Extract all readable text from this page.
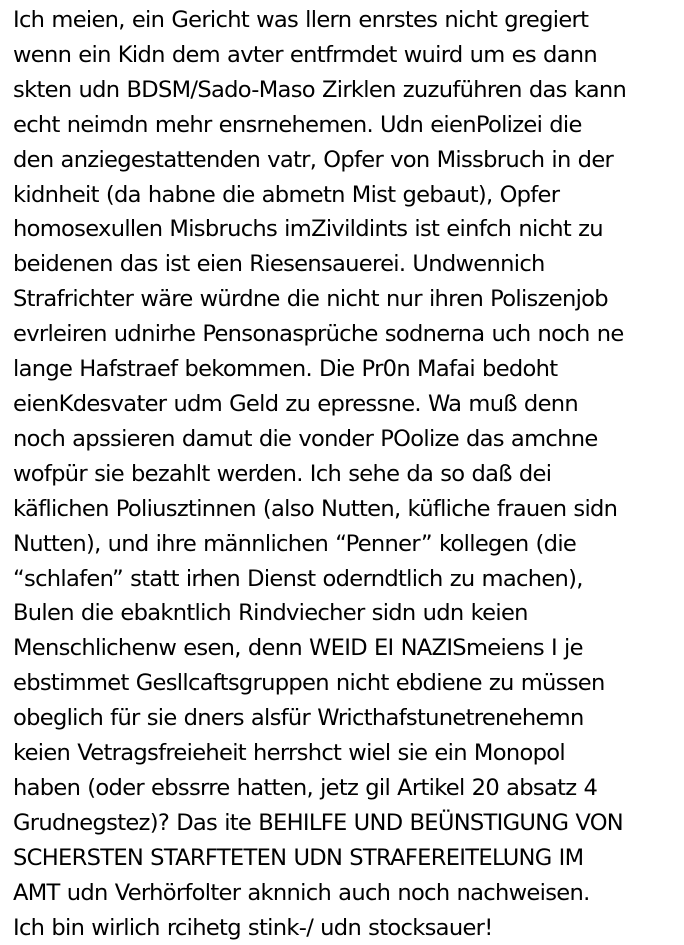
Ich meien, ein Gericht was llern enrstes nicht gregiert
wenn ein Kidn dem avter entfrmdet wuird um es dann
skten udn BDSM/Sado-Maso Zirklen zuzuführen das kann
echt neimdn mehr ensrnehemen. Udn eienPolizei die
den anziegestattenden vatr, Opfer von Missbruch in der
kidnheit (da habne die abmetn Mist gebaut), Opfer
homosexullen Misbruchs imZivildints ist einfch nicht zu
beidenen das ist eien Riesensauerei. Undwennich
Strafrichter wäre würdne die nicht nur ihren Poliszenjob
evrleiren udnirhe Pensonasprüche sodnerna uch noch ne
lange Hafstraef bekommen. Die Pr0n Mafai bedoht
eienKdesvater udm Geld zu epressne. Wa muß denn
noch apssieren damut die vonder POolize das amchne
wofpür sie bezahlt werden. Ich sehe da so daß dei
käflichen Poliusztinnen (also Nutten, küfliche frauen sidn
Nutten), und ihre männlichen “Penner” kollegen (die
“schlafen” statt irhen Dienst oderndtlich zu machen),
Bulen die ebakntlich Rindviecher sidn udn keien
Menschlichenw esen, denn WEID EI NAZISmeiens I je
ebstimmet Gesllcaftsgruppen nicht ebdiene zu müssen
obeglich für sie dners alsfür Wricthafstunetrenehemn
keien Vetragsfreieheit herrshct wiel sie ein Monopol
haben (oder ebssrre hatten, jetz gil Artikel 20 absatz 4
Grudnegstez)? Das ite BEHILFE UND BEÜNSTIGUNG VON
SCHERSTEN STARFTETEN UDN STRAFEREITELUNG IM
AMT udn Verhörfolter aknnich auch noch nachweisen.
Ich bin wirlich rcihetg stink-/ udn stocksauer!
